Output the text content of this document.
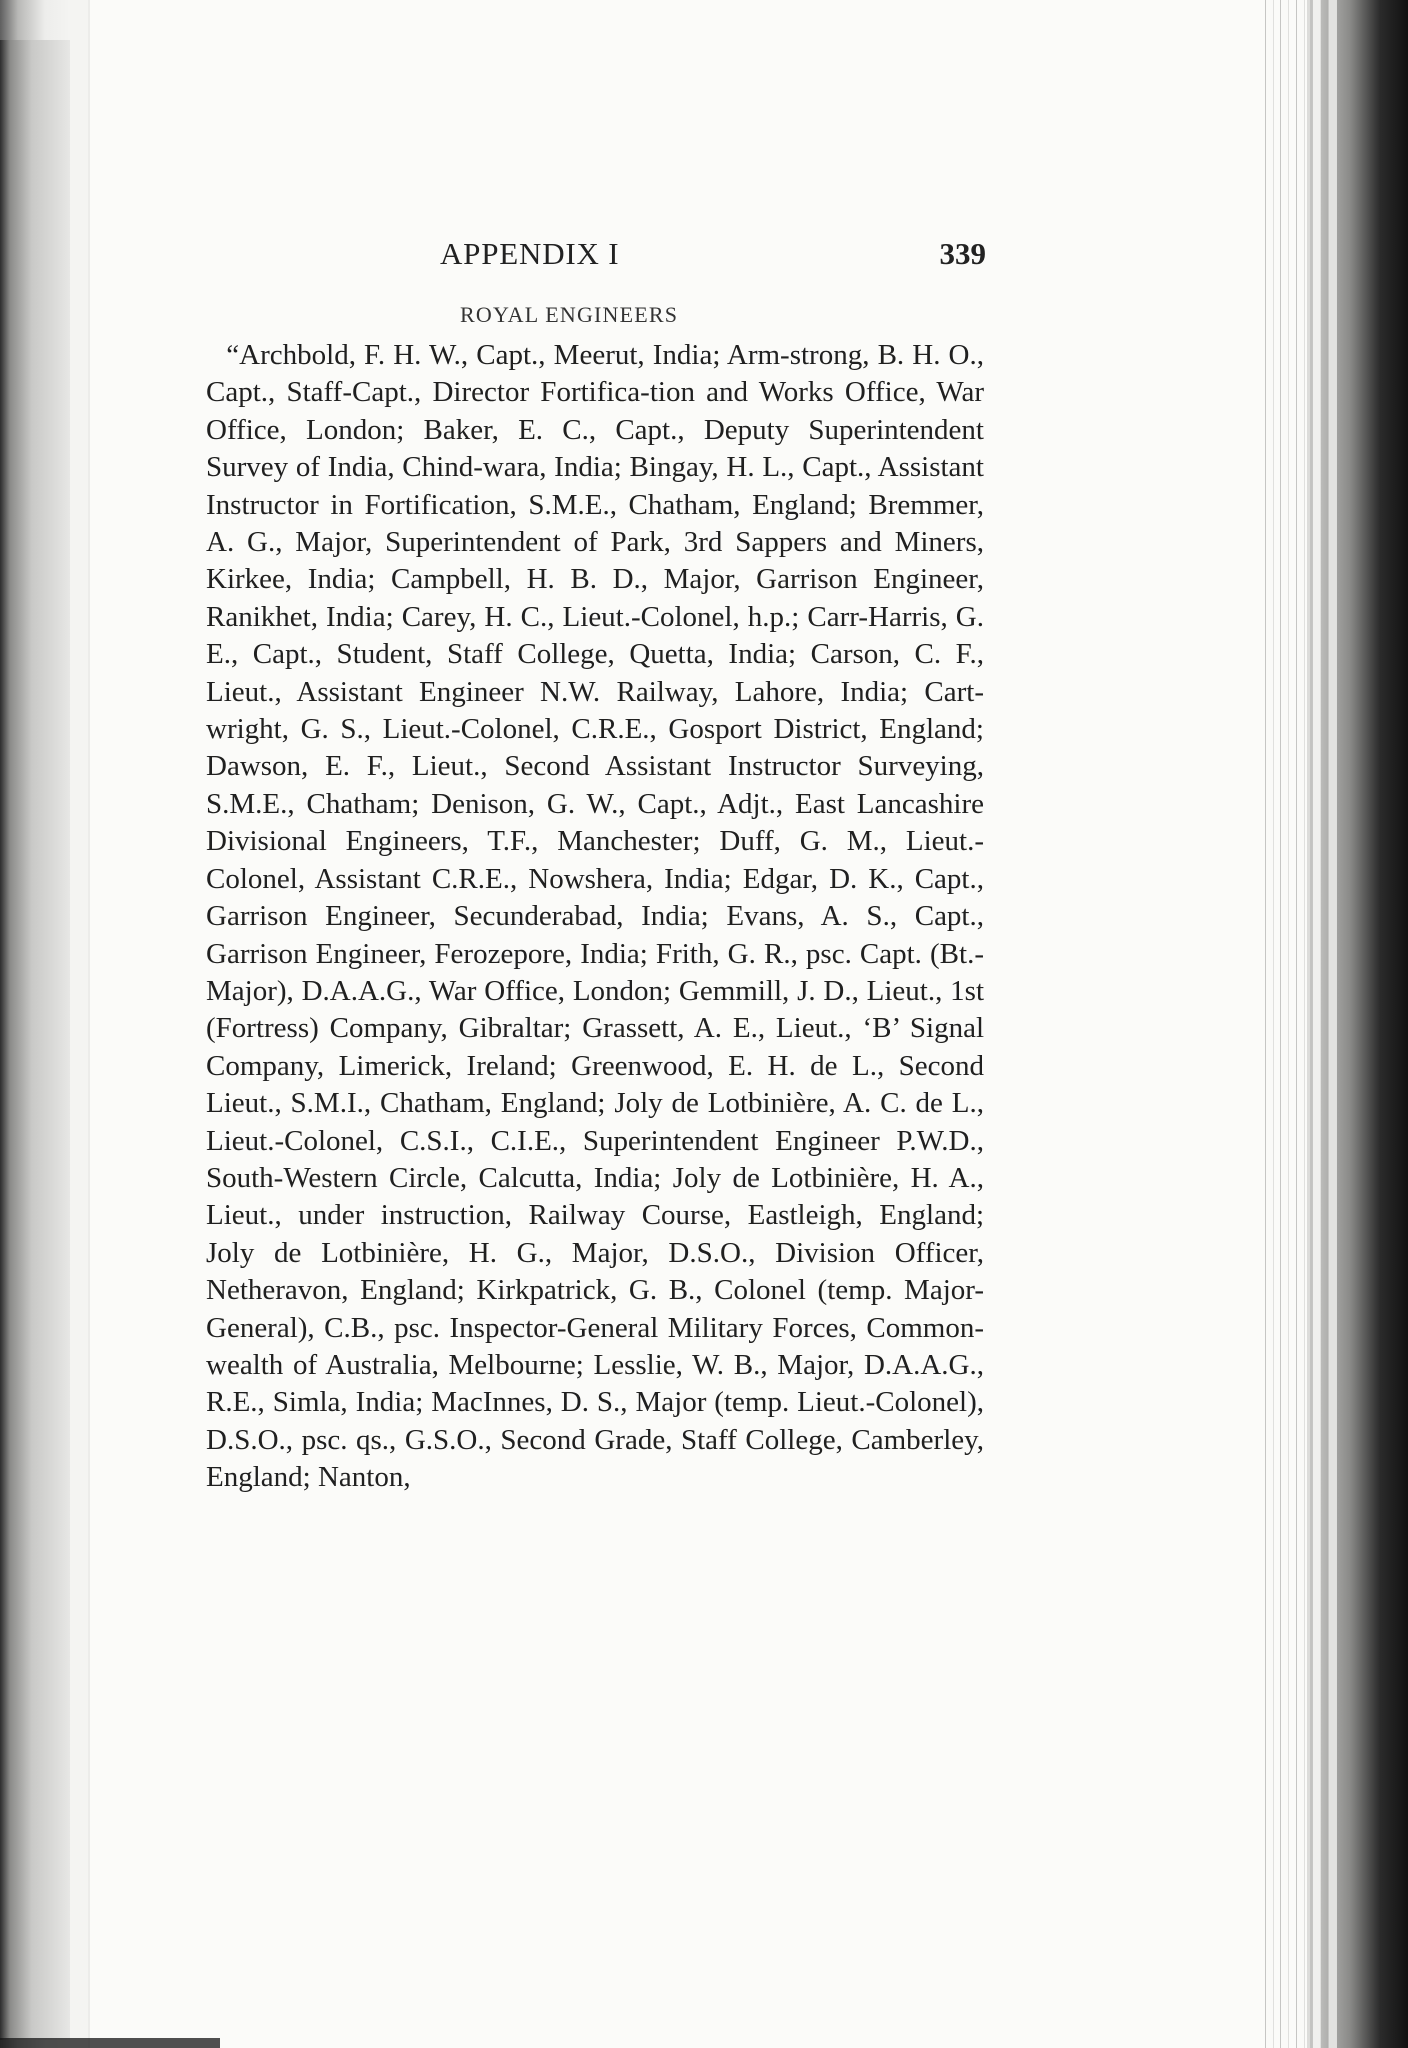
APPENDIX I	339
ROYAL ENGINEERS

“Archbold, F. H. W., Capt., Meerut, India; Arm-strong, B. H. O., Capt., Staff-Capt., Director Fortifica-tion and Works Office, War Office, London; Baker, E. C., Capt., Deputy Superintendent Survey of India, Chind-wara, India; Bingay, H. L., Capt., Assistant Instructor in Fortification, S.M.E., Chatham, England; Bremmer, A. G., Major, Superintendent of Park, 3rd Sappers and Miners, Kirkee, India; Campbell, H. B. D., Major, Garrison Engineer, Ranikhet, India; Carey, H. C., Lieut.-Colonel, h.p.; Carr-Harris, G. E., Capt., Student, Staff College, Quetta, India; Carson, C. F., Lieut., Assistant Engineer N.W. Railway, Lahore, India; Cart-wright, G. S., Lieut.-Colonel, C.R.E., Gosport District, England; Dawson, E. F., Lieut., Second Assistant Instructor Surveying, S.M.E., Chatham; Denison, G. W., Capt., Adjt., East Lancashire Divisional Engineers, T.F., Manchester; Duff, G. M., Lieut.-Colonel, Assistant C.R.E., Nowshera, India; Edgar, D. K., Capt., Garrison Engineer, Secunderabad, India; Evans, A. S., Capt., Garrison Engineer, Ferozepore, India; Frith, G. R., psc. Capt. (Bt.-Major), D.A.A.G., War Office, London; Gemmill, J. D., Lieut., 1st (Fortress) Company, Gibraltar; Grassett, A. E., Lieut., ‘B’ Signal Company, Limerick, Ireland; Greenwood, E. H. de L., Second Lieut., S.M.I., Chatham, England; Joly de Lotbinière, A. C. de L., Lieut.-Colonel, C.S.I., C.I.E., Superintendent Engineer P.W.D., South-Western Circle, Calcutta, India; Joly de Lotbinière, H. A., Lieut., under instruction, Railway Course, Eastleigh, England; Joly de Lotbinière, H. G., Major, D.S.O., Division Officer, Netheravon, England; Kirkpatrick, G. B., Colonel (temp. Major-General), C.B., psc. Inspector-General Military Forces, Common-wealth of Australia, Melbourne; Lesslie, W. B., Major, D.A.A.G., R.E., Simla, India; MacInnes, D. S., Major (temp. Lieut.-Colonel), D.S.O., psc. qs., G.S.O., Second Grade, Staff College, Camberley, England; Nanton,
